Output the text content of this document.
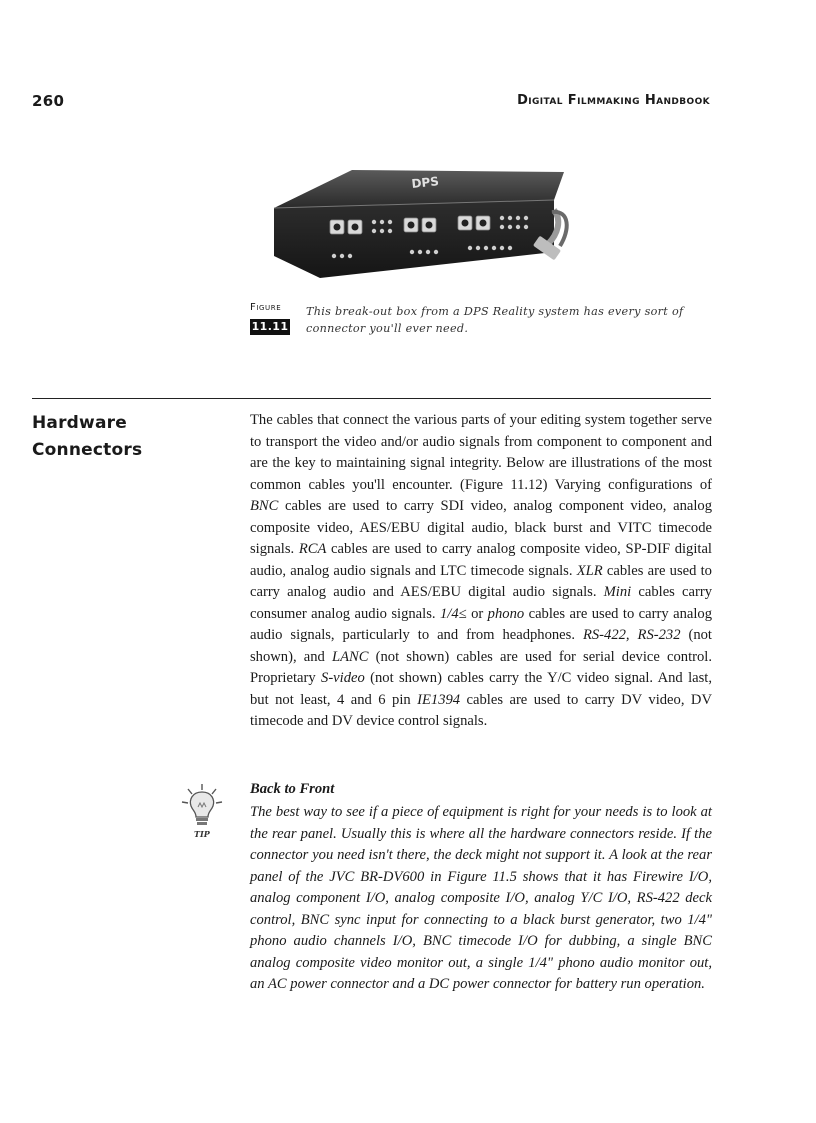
260	Digital Filmmaking Handbook
DPS
Figure
11.11
This break-out box from a DPS Reality system has every sort of connector you'll ever need.
Hardware Connectors

The cables that connect the various parts of your editing system together serve to transport the video and/or audio signals from component to component and are the key to maintaining signal integrity. Below are illustrations of the most common cables you'll encounter. (Figure 11.12) Varying configurations of BNC cables are used to carry SDI video, analog component video, analog composite video, AES/EBU digital audio, black burst and VITC timecode signals. RCA cables are used to carry analog composite video, SP-DIF digital audio, analog audio signals and LTC timecode signals. XLR cables are used to carry analog audio and AES/EBU digital audio signals. Mini cables carry consumer analog audio signals. 1/4≤ or phono cables are used to carry analog audio signals, particularly to and from headphones. RS-422, RS-232 (not shown), and LANC (not shown) cables are used for serial device control. Proprietary S-video (not shown) cables carry the Y/C video signal. And last, but not least, 4 and 6 pin IE1394 cables are used to carry DV video, DV timecode and DV device control signals.

TIP
Back to Front

The best way to see if a piece of equipment is right for your needs is to look at the rear panel. Usually this is where all the hardware connectors reside. If the connector you need isn't there, the deck might not support it. A look at the rear panel of the JVC BR-DV600 in Figure 11.5 shows that it has Firewire I/O, analog component I/O, analog composite I/O, analog Y/C I/O, RS-422 deck control, BNC sync input for connecting to a black burst generator, two 1/4" phono audio channels I/O, BNC timecode I/O for dubbing, a single BNC analog composite video monitor out, a single 1/4" phono audio monitor out, an AC power connector and a DC power connector for battery run operation.
